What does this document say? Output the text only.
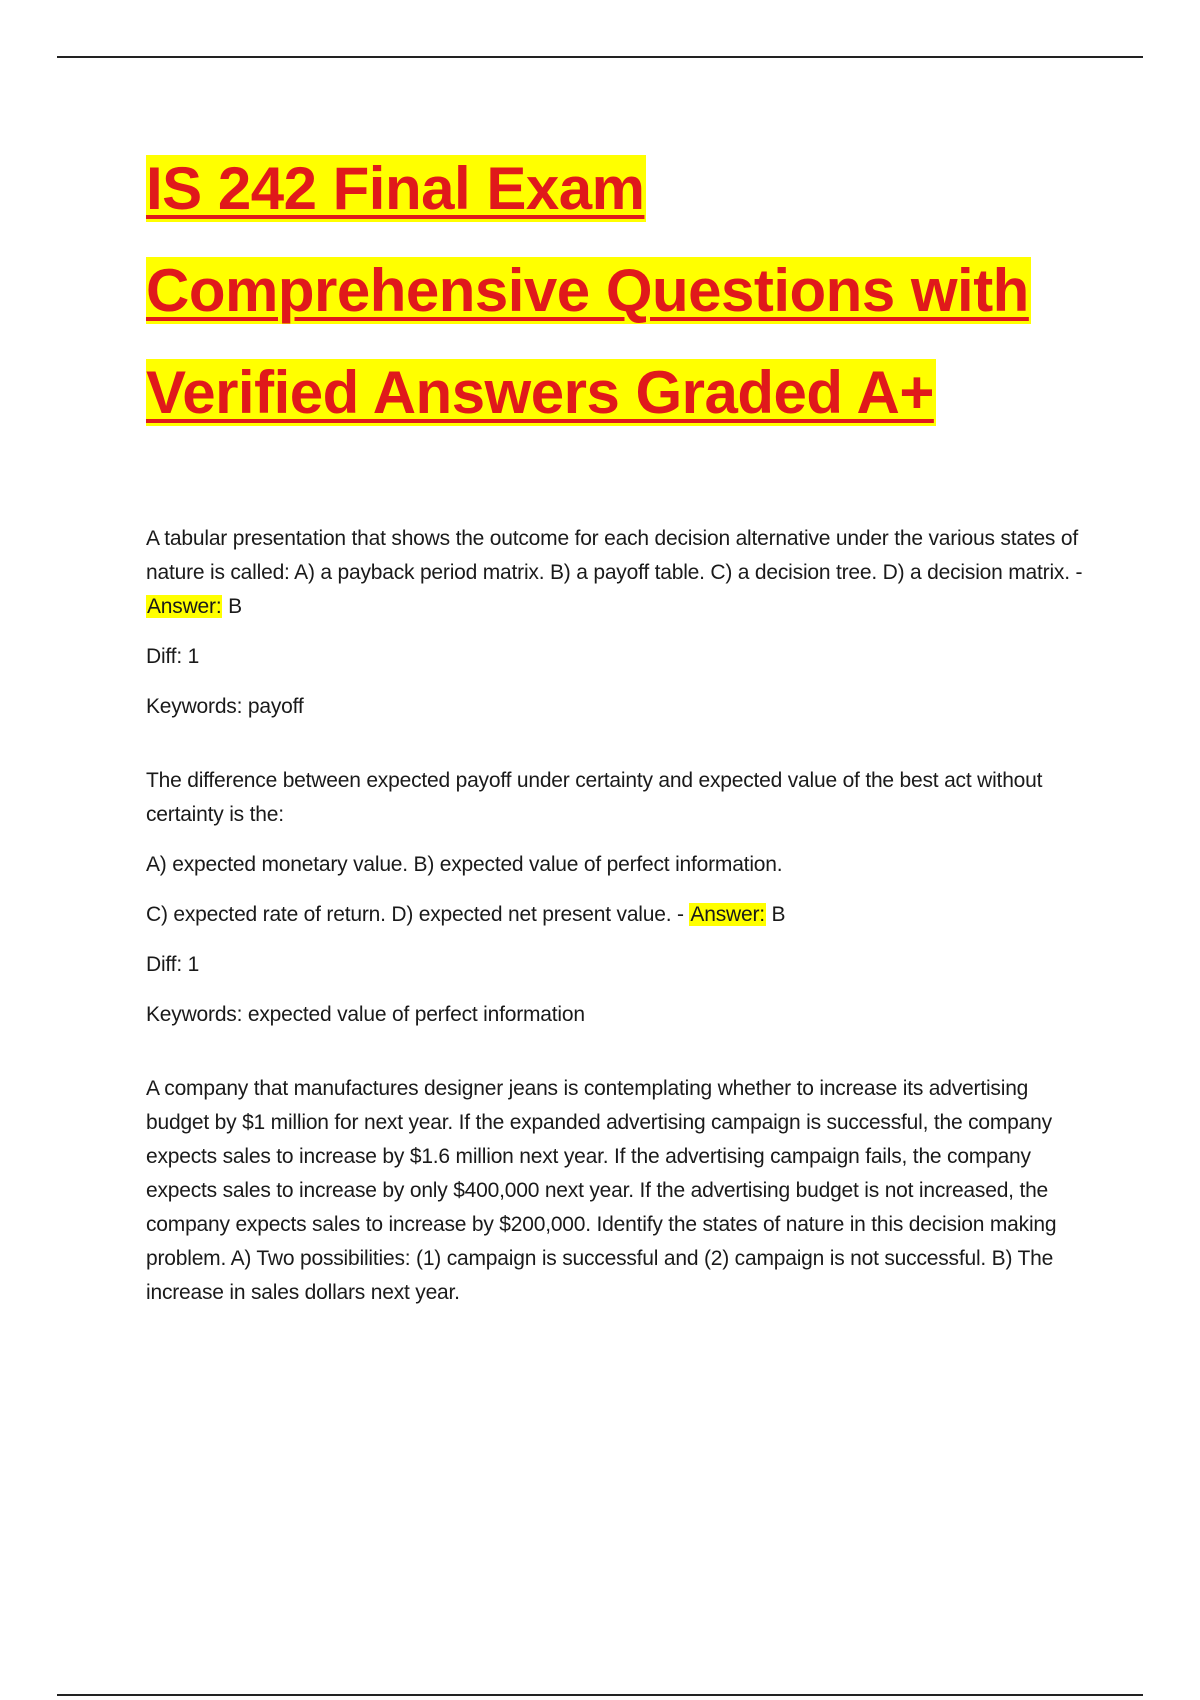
IS 242 Final Exam
Comprehensive Questions with
Verified Answers Graded A+

A tabular presentation that shows the outcome for each decision alternative under the various states of nature is called: A) a payback period matrix. B) a payoff table. C) a decision tree. D) a decision matrix. - Answer: B

Diff: 1

Keywords: payoff

The difference between expected payoff under certainty and expected value of the best act without certainty is the:

A) expected monetary value. B) expected value of perfect information.

C) expected rate of return. D) expected net present value. - Answer: B

Diff: 1

Keywords: expected value of perfect information

A company that manufactures designer jeans is contemplating whether to increase its advertising budget by $1 million for next year. If the expanded advertising campaign is successful, the company expects sales to increase by $1.6 million next year. If the advertising campaign fails, the company expects sales to increase by only $400,000 next year. If the advertising budget is not increased, the company expects sales to increase by $200,000. Identify the states of nature in this decision making problem. A) Two possibilities: (1) campaign is successful and (2) campaign is not successful. B) The increase in sales dollars next year.
